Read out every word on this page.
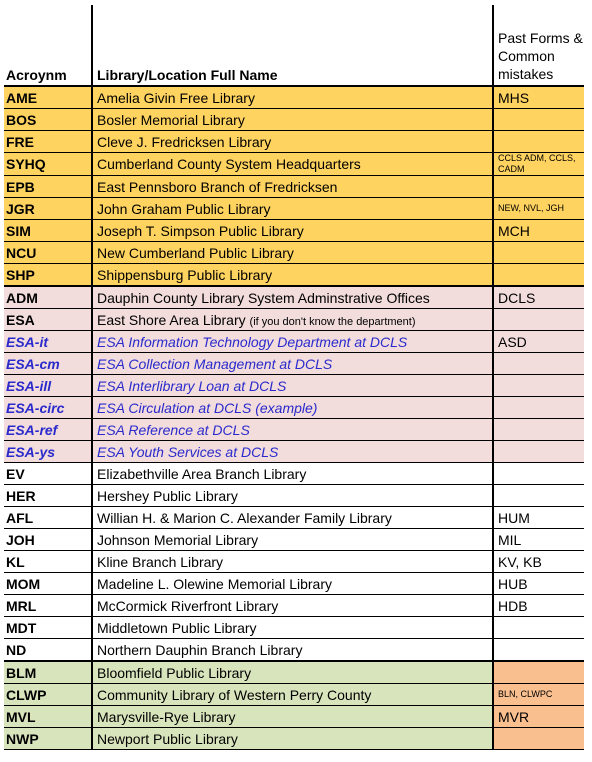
Acroynm	Library/Location Full Name	Past Forms & Common mistakes
AME	Amelia Givin Free Library	MHS
BOS	Bosler Memorial Library	
FRE	Cleve J. Fredricksen Library	
SYHQ	Cumberland County System Headquarters	CCLS ADM, CCLS, CADM
EPB	East Pennsboro Branch of Fredricksen	
JGR	John Graham Public Library	NEW, NVL, JGH
SIM	Joseph T. Simpson Public Library	MCH
NCU	New Cumberland Public Library	
SHP	Shippensburg Public Library	
ADM	Dauphin County Library System Adminstrative Offices	DCLS
ESA	East Shore Area Library (if you don't know the department)	
ESA-it	ESA Information Technology Department at DCLS	ASD
ESA-cm	ESA Collection Management at DCLS	
ESA-ill	ESA Interlibrary Loan at DCLS	
ESA-circ	ESA Circulation at DCLS (example)	
ESA-ref	ESA Reference at DCLS	
ESA-ys	ESA Youth Services at DCLS	
EV	Elizabethville Area Branch Library	
HER	Hershey Public Library	
AFL	Willian H. & Marion C. Alexander Family Library	HUM
JOH	Johnson Memorial Library	MIL
KL	Kline Branch Library	KV, KB
MOM	Madeline L. Olewine Memorial Library	HUB
MRL	McCormick Riverfront Library	HDB
MDT	Middletown Public Library	
ND	Northern Dauphin Branch Library	
BLM	Bloomfield Public Library	
CLWP	Community Library of Western Perry County	BLN, CLWPC
MVL	Marysville-Rye Library	MVR
NWP	Newport Public Library	
